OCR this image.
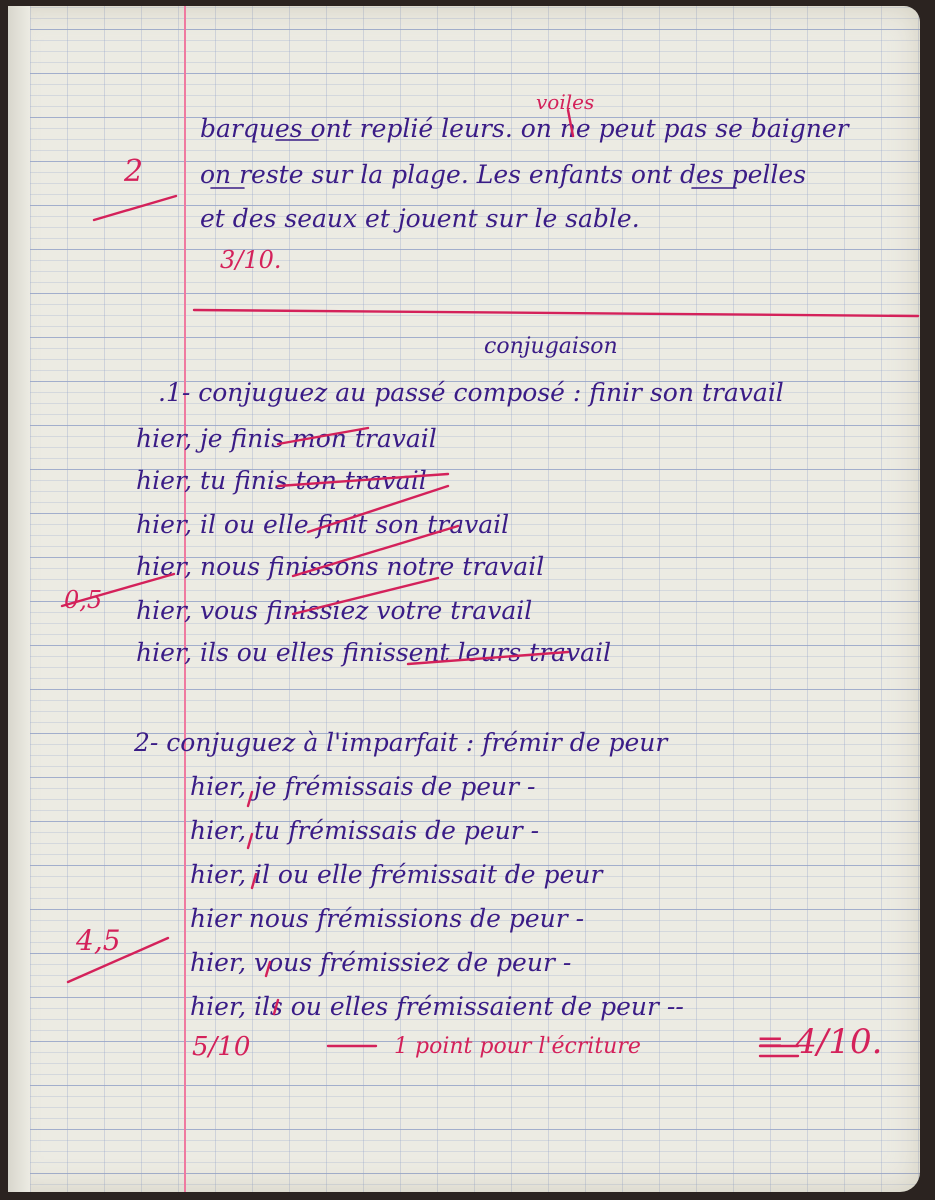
barques ont replié leurs. on ne peut pas se baigner
voiles
on reste sur la plage. Les enfants ont des pelles
et des seaux et jouent sur le sable.
2
3/10.
conjugaison
.1- conjuguez au passé composé : finir son travail
hier, je finis mon travail
hier, tu finis ton travail
hier, il ou elle finit son travail
hier, nous finissons notre travail
hier, vous finissiez votre travail
hier, ils ou elles finissent leurs travail
0,5
2- conjuguez à l'imparfait : frémir de peur
hier, je frémissais de peur -
hier, tu frémissais de peur -
hier, il ou elle frémissait de peur
hier nous frémissions de peur -
hier, vous frémissiez de peur -
hier, ils ou elles frémissaient de peur --
4,5
5/10	1 point pour l'écriture	= 4/10.
